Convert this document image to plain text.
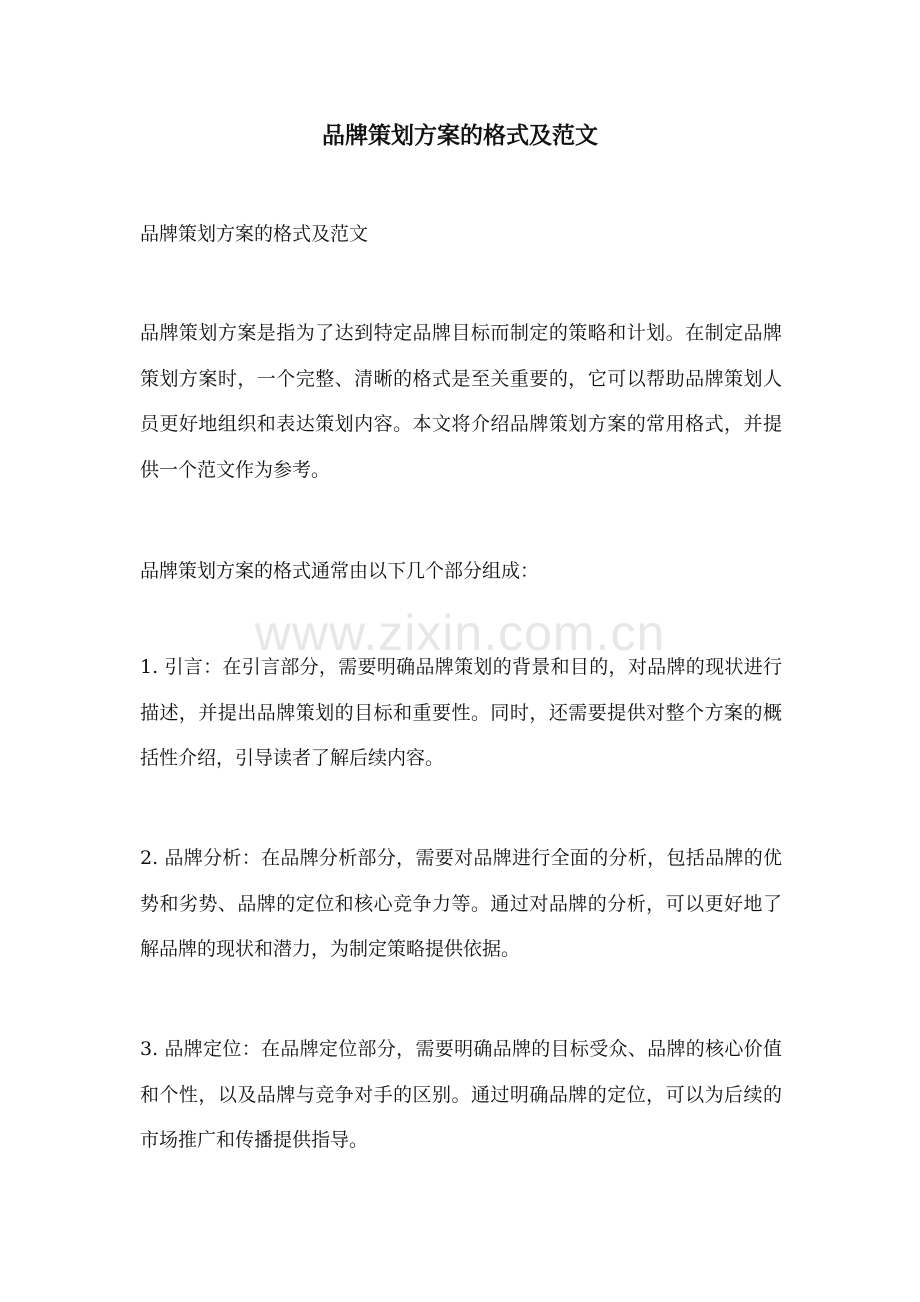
品牌策划方案的格式及范文
品牌策划方案的格式及范文
品牌策划方案是指为了达到特定品牌目标而制定的策略和计划。在制定品牌策划方案时，一个完整、清晰的格式是至关重要的，它可以帮助品牌策划人员更好地组织和表达策划内容。本文将介绍品牌策划方案的常用格式，并提供一个范文作为参考。
品牌策划方案的格式通常由以下几个部分组成：
1. 引言：在引言部分，需要明确品牌策划的背景和目的，对品牌的现状进行描述，并提出品牌策划的目标和重要性。同时，还需要提供对整个方案的概括性介绍，引导读者了解后续内容。
2. 品牌分析：在品牌分析部分，需要对品牌进行全面的分析，包括品牌的优势和劣势、品牌的定位和核心竞争力等。通过对品牌的分析，可以更好地了解品牌的现状和潜力，为制定策略提供依据。
3. 品牌定位：在品牌定位部分，需要明确品牌的目标受众、品牌的核心价值和个性，以及品牌与竞争对手的区别。通过明确品牌的定位，可以为后续的市场推广和传播提供指导。
www.zixin.com.cn
